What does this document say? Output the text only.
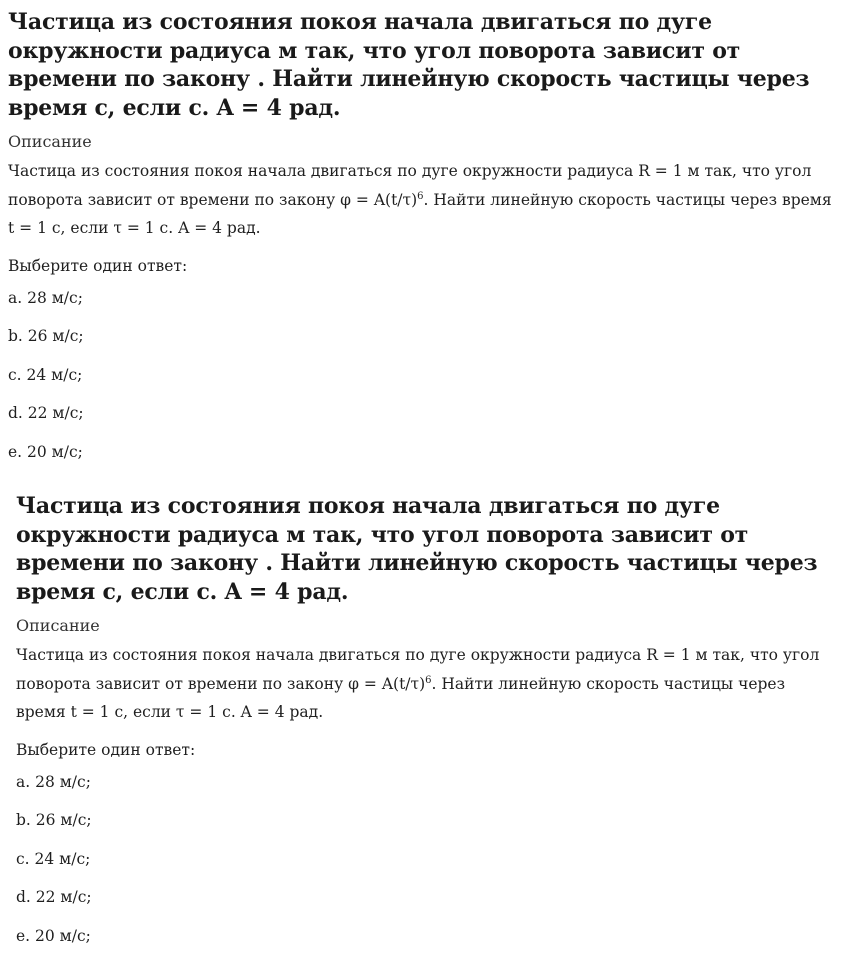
Частица из состояния покоя начала двигаться по дуге окружности радиуса м так, что угол поворота зависит от времени по закону . Найти линейную скорость частицы через время с, если с. A = 4 рад.
Описание

Частица из состояния покоя начала двигаться по дуге окружности радиуса R = 1 м так, что угол поворота зависит от времени по закону $\varphi = A(t/\tau)^6$. Найти линейную скорость частицы через время t = 1 с, если τ = 1 с. A = 4 рад.

Выберите один ответ:
a. 28 м/с;
b. 26 м/с;
c. 24 м/с;
d. 22 м/с;
e. 20 м/с;
Частица из состояния покоя начала двигаться по дуге окружности радиуса м так, что угол поворота зависит от времени по закону . Найти линейную скорость частицы через время с, если с. A = 4 рад.
Описание

Частица из состояния покоя начала двигаться по дуге окружности радиуса R = 1 м так, что угол поворота зависит от времени по закону $\varphi = A(t/\tau)^6$. Найти линейную скорость частицы через время t = 1 с, если τ = 1 с. A = 4 рад.

Выберите один ответ:
a. 28 м/с;
b. 26 м/с;
c. 24 м/с;
d. 22 м/с;
e. 20 м/с;
